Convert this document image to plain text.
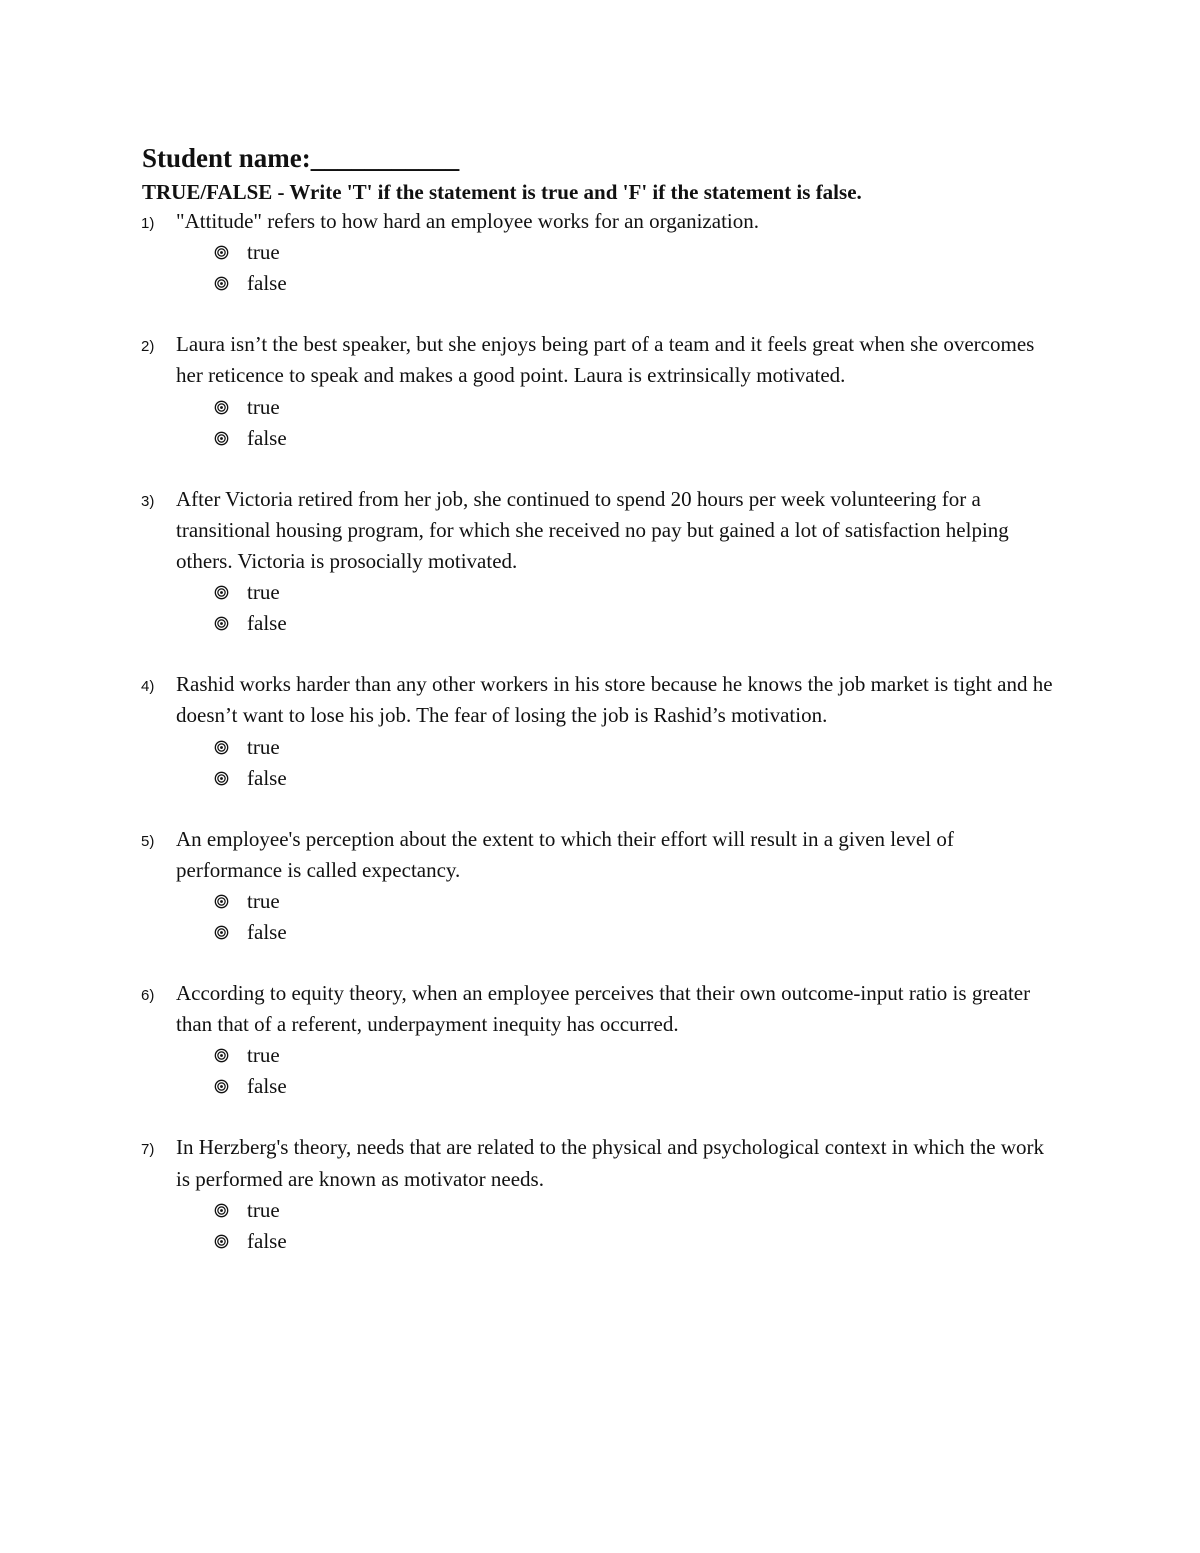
Student name:___________
TRUE/FALSE - Write 'T' if the statement is true and 'F' if the statement is false.
1) "Attitude" refers to how hard an employee works for an organization.
true
false
2) Laura isn’t the best speaker, but she enjoys being part of a team and it feels great when she overcomes her reticence to speak and makes a good point. Laura is extrinsically motivated.
true
false
3) After Victoria retired from her job, she continued to spend 20 hours per week volunteering for a transitional housing program, for which she received no pay but gained a lot of satisfaction helping others. Victoria is prosocially motivated.
true
false
4) Rashid works harder than any other workers in his store because he knows the job market is tight and he doesn’t want to lose his job. The fear of losing the job is Rashid’s motivation.
true
false
5) An employee's perception about the extent to which their effort will result in a given level of performance is called expectancy.
true
false
6) According to equity theory, when an employee perceives that their own outcome-input ratio is greater than that of a referent, underpayment inequity has occurred.
true
false
7) In Herzberg's theory, needs that are related to the physical and psychological context in which the work is performed are known as motivator needs.
true
false
